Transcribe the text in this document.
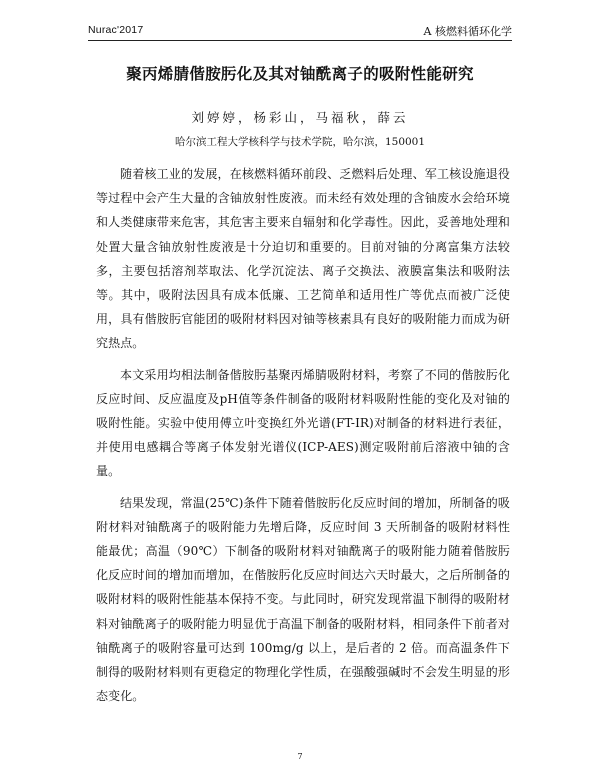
Nurac'2017	A 核燃料循环化学
聚丙烯腈偕胺肟化及其对铀酰离子的吸附性能研究
刘婷婷，杨彩山，马福秋，薛云
哈尔滨工程大学核科学与技术学院，哈尔滨，150001

随着核工业的发展，在核燃料循环前段、乏燃料后处理、军工核设施退役等过程中会产生大量的含铀放射性废液。而未经有效处理的含铀废水会给环境和人类健康带来危害，其危害主要来自辐射和化学毒性。因此，妥善地处理和处置大量含铀放射性废液是十分迫切和重要的。目前对铀的分离富集方法较多，主要包括溶剂萃取法、化学沉淀法、离子交换法、液膜富集法和吸附法等。其中，吸附法因具有成本低廉、工艺简单和适用性广等优点而被广泛使用，具有偕胺肟官能团的吸附材料因对铀等核素具有良好的吸附能力而成为研究热点。

本文采用均相法制备偕胺肟基聚丙烯腈吸附材料，考察了不同的偕胺肟化反应时间、反应温度及pH值等条件制备的吸附材料吸附性能的变化及对铀的吸附性能。实验中使用傅立叶变换红外光谱(FT-IR)对制备的材料进行表征，并使用电感耦合等离子体发射光谱仪(ICP-AES)测定吸附前后溶液中铀的含量。

结果发现，常温(25℃)条件下随着偕胺肟化反应时间的增加，所制备的吸附材料对铀酰离子的吸附能力先增后降，反应时间 3 天所制备的吸附材料性能最优；高温（90℃）下制备的吸附材料对铀酰离子的吸附能力随着偕胺肟化反应时间的增加而增加，在偕胺肟化反应时间达六天时最大，之后所制备的吸附材料的吸附性能基本保持不变。与此同时，研究发现常温下制得的吸附材料对铀酰离子的吸附能力明显优于高温下制备的吸附材料，相同条件下前者对铀酰离子的吸附容量可达到 100mg/g 以上，是后者的 2 倍。而高温条件下制得的吸附材料则有更稳定的物理化学性质，在强酸强碱时不会发生明显的形态变化。

7
